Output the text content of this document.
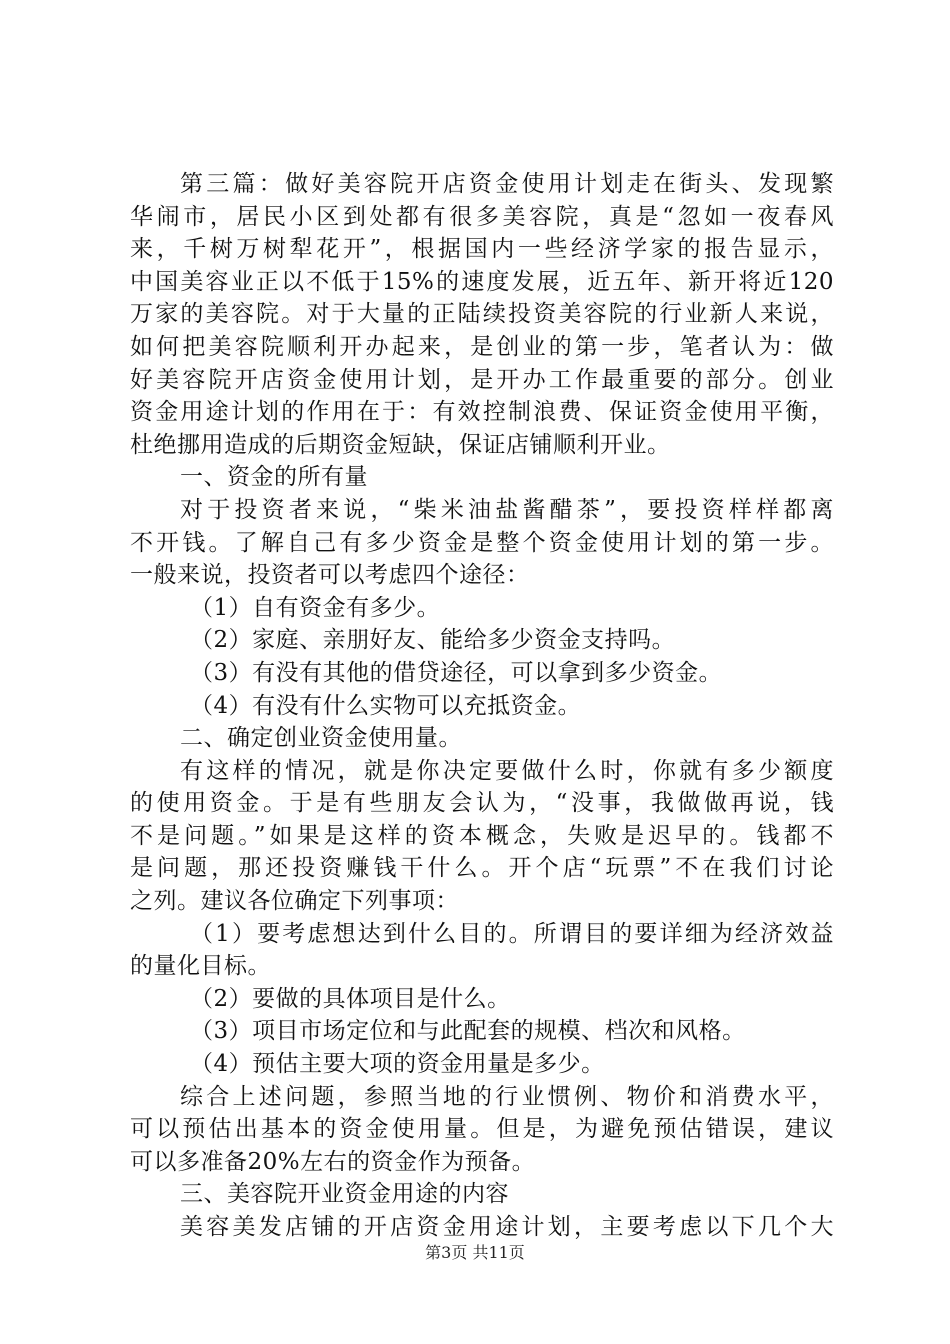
第三篇：做好美容院开店资金使用计划走在街头、发现繁
华闹市，居民小区到处都有很多美容院，真是“忽如一夜春风
来，千树万树犁花开”，根据国内一些经济学家的报告显示，
中国美容业正以不低于15%的速度发展，近五年、新开将近120
万家的美容院。对于大量的正陆续投资美容院的行业新人来说，
如何把美容院顺利开办起来，是创业的第一步，笔者认为：做
好美容院开店资金使用计划，是开办工作最重要的部分。创业
资金用途计划的作用在于：有效控制浪费、保证资金使用平衡，
杜绝挪用造成的后期资金短缺，保证店铺顺利开业。
一、资金的所有量
对于投资者来说，“柴米油盐酱醋茶”，要投资样样都离
不开钱。了解自己有多少资金是整个资金使用计划的第一步。
一般来说，投资者可以考虑四个途径：
（1）自有资金有多少。
（2）家庭、亲朋好友、能给多少资金支持吗。
（3）有没有其他的借贷途径，可以拿到多少资金。
（4）有没有什么实物可以充抵资金。
二、确定创业资金使用量。
有这样的情况，就是你决定要做什么时，你就有多少额度
的使用资金。于是有些朋友会认为，“没事，我做做再说，钱
不是问题。”如果是这样的资本概念，失败是迟早的。钱都不
是问题，那还投资赚钱干什么。开个店“玩票”不在我们讨论
之列。建议各位确定下列事项：
（1）要考虑想达到什么目的。所谓目的要详细为经济效益
的量化目标。
（2）要做的具体项目是什么。
（3）项目市场定位和与此配套的规模、档次和风格。
（4）预估主要大项的资金用量是多少。
综合上述问题，参照当地的行业惯例、物价和消费水平，
可以预估出基本的资金使用量。但是，为避免预估错误，建议
可以多准备20%左右的资金作为预备。
三、美容院开业资金用途的内容
美容美发店铺的开店资金用途计划，主要考虑以下几个大
第3页 共11页
